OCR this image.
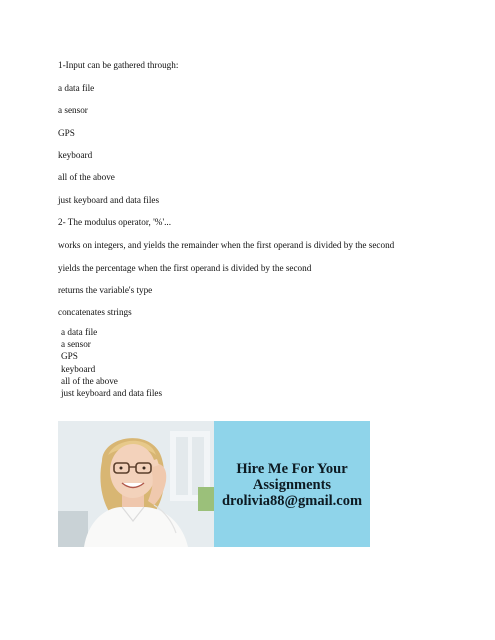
1-Input can be gathered through:
a data file
a sensor
GPS
keyboard
all of the above
just keyboard and data files
2- The modulus operator, '%'...
works on integers, and yields the remainder when the first operand is divided by the second
yields the percentage when the first operand is divided by the second
returns the variable's type
concatenates strings
a data file
a sensor
GPS
keyboard
all of the above
just keyboard and data files
Hire Me For Your
Assignments
drolivia88@gmail.com
